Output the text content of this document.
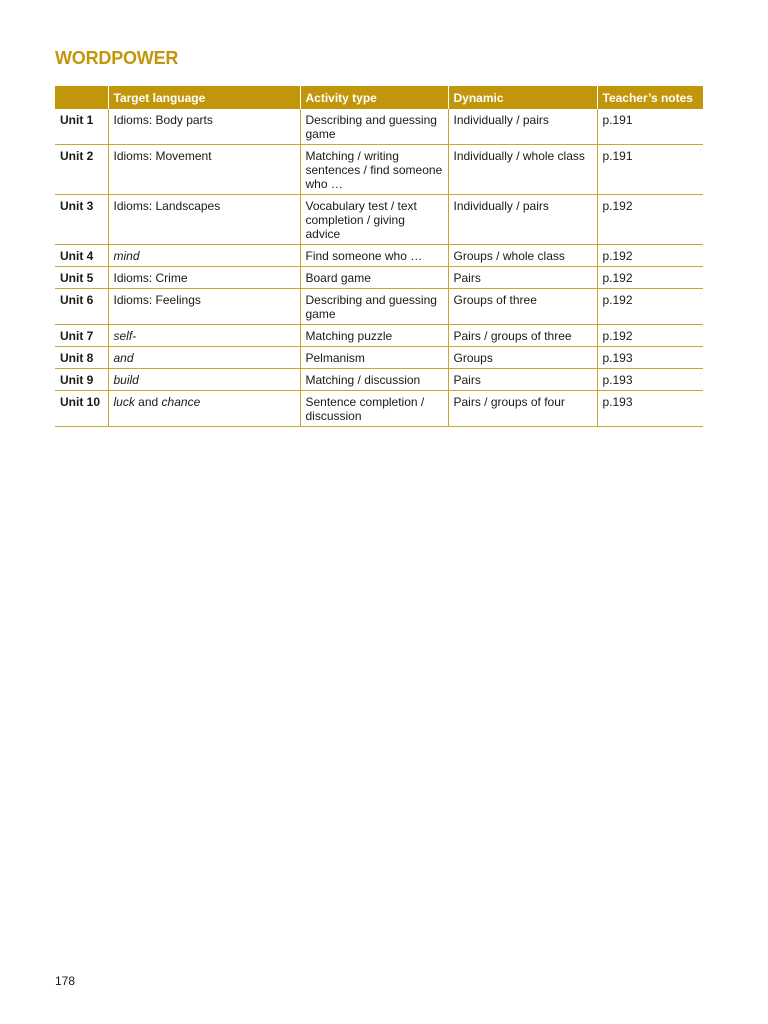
WORDPOWER
	Target language	Activity type	Dynamic	Teacher’s notes
Unit 1	Idioms: Body parts	Describing and guessing game	Individually / pairs	p.191
Unit 2	Idioms: Movement	Matching / writing sentences / find someone who …	Individually / whole class	p.191
Unit 3	Idioms: Landscapes	Vocabulary test / text completion / giving advice	Individually / pairs	p.192
Unit 4	mind	Find someone who …	Groups / whole class	p.192
Unit 5	Idioms: Crime	Board game	Pairs	p.192
Unit 6	Idioms: Feelings	Describing and guessing game	Groups of three	p.192
Unit 7	self-	Matching puzzle	Pairs / groups of three	p.192
Unit 8	and	Pelmanism	Groups	p.193
Unit 9	build	Matching / discussion	Pairs	p.193
Unit 10	luck and chance	Sentence completion / discussion	Pairs / groups of four	p.193
178
